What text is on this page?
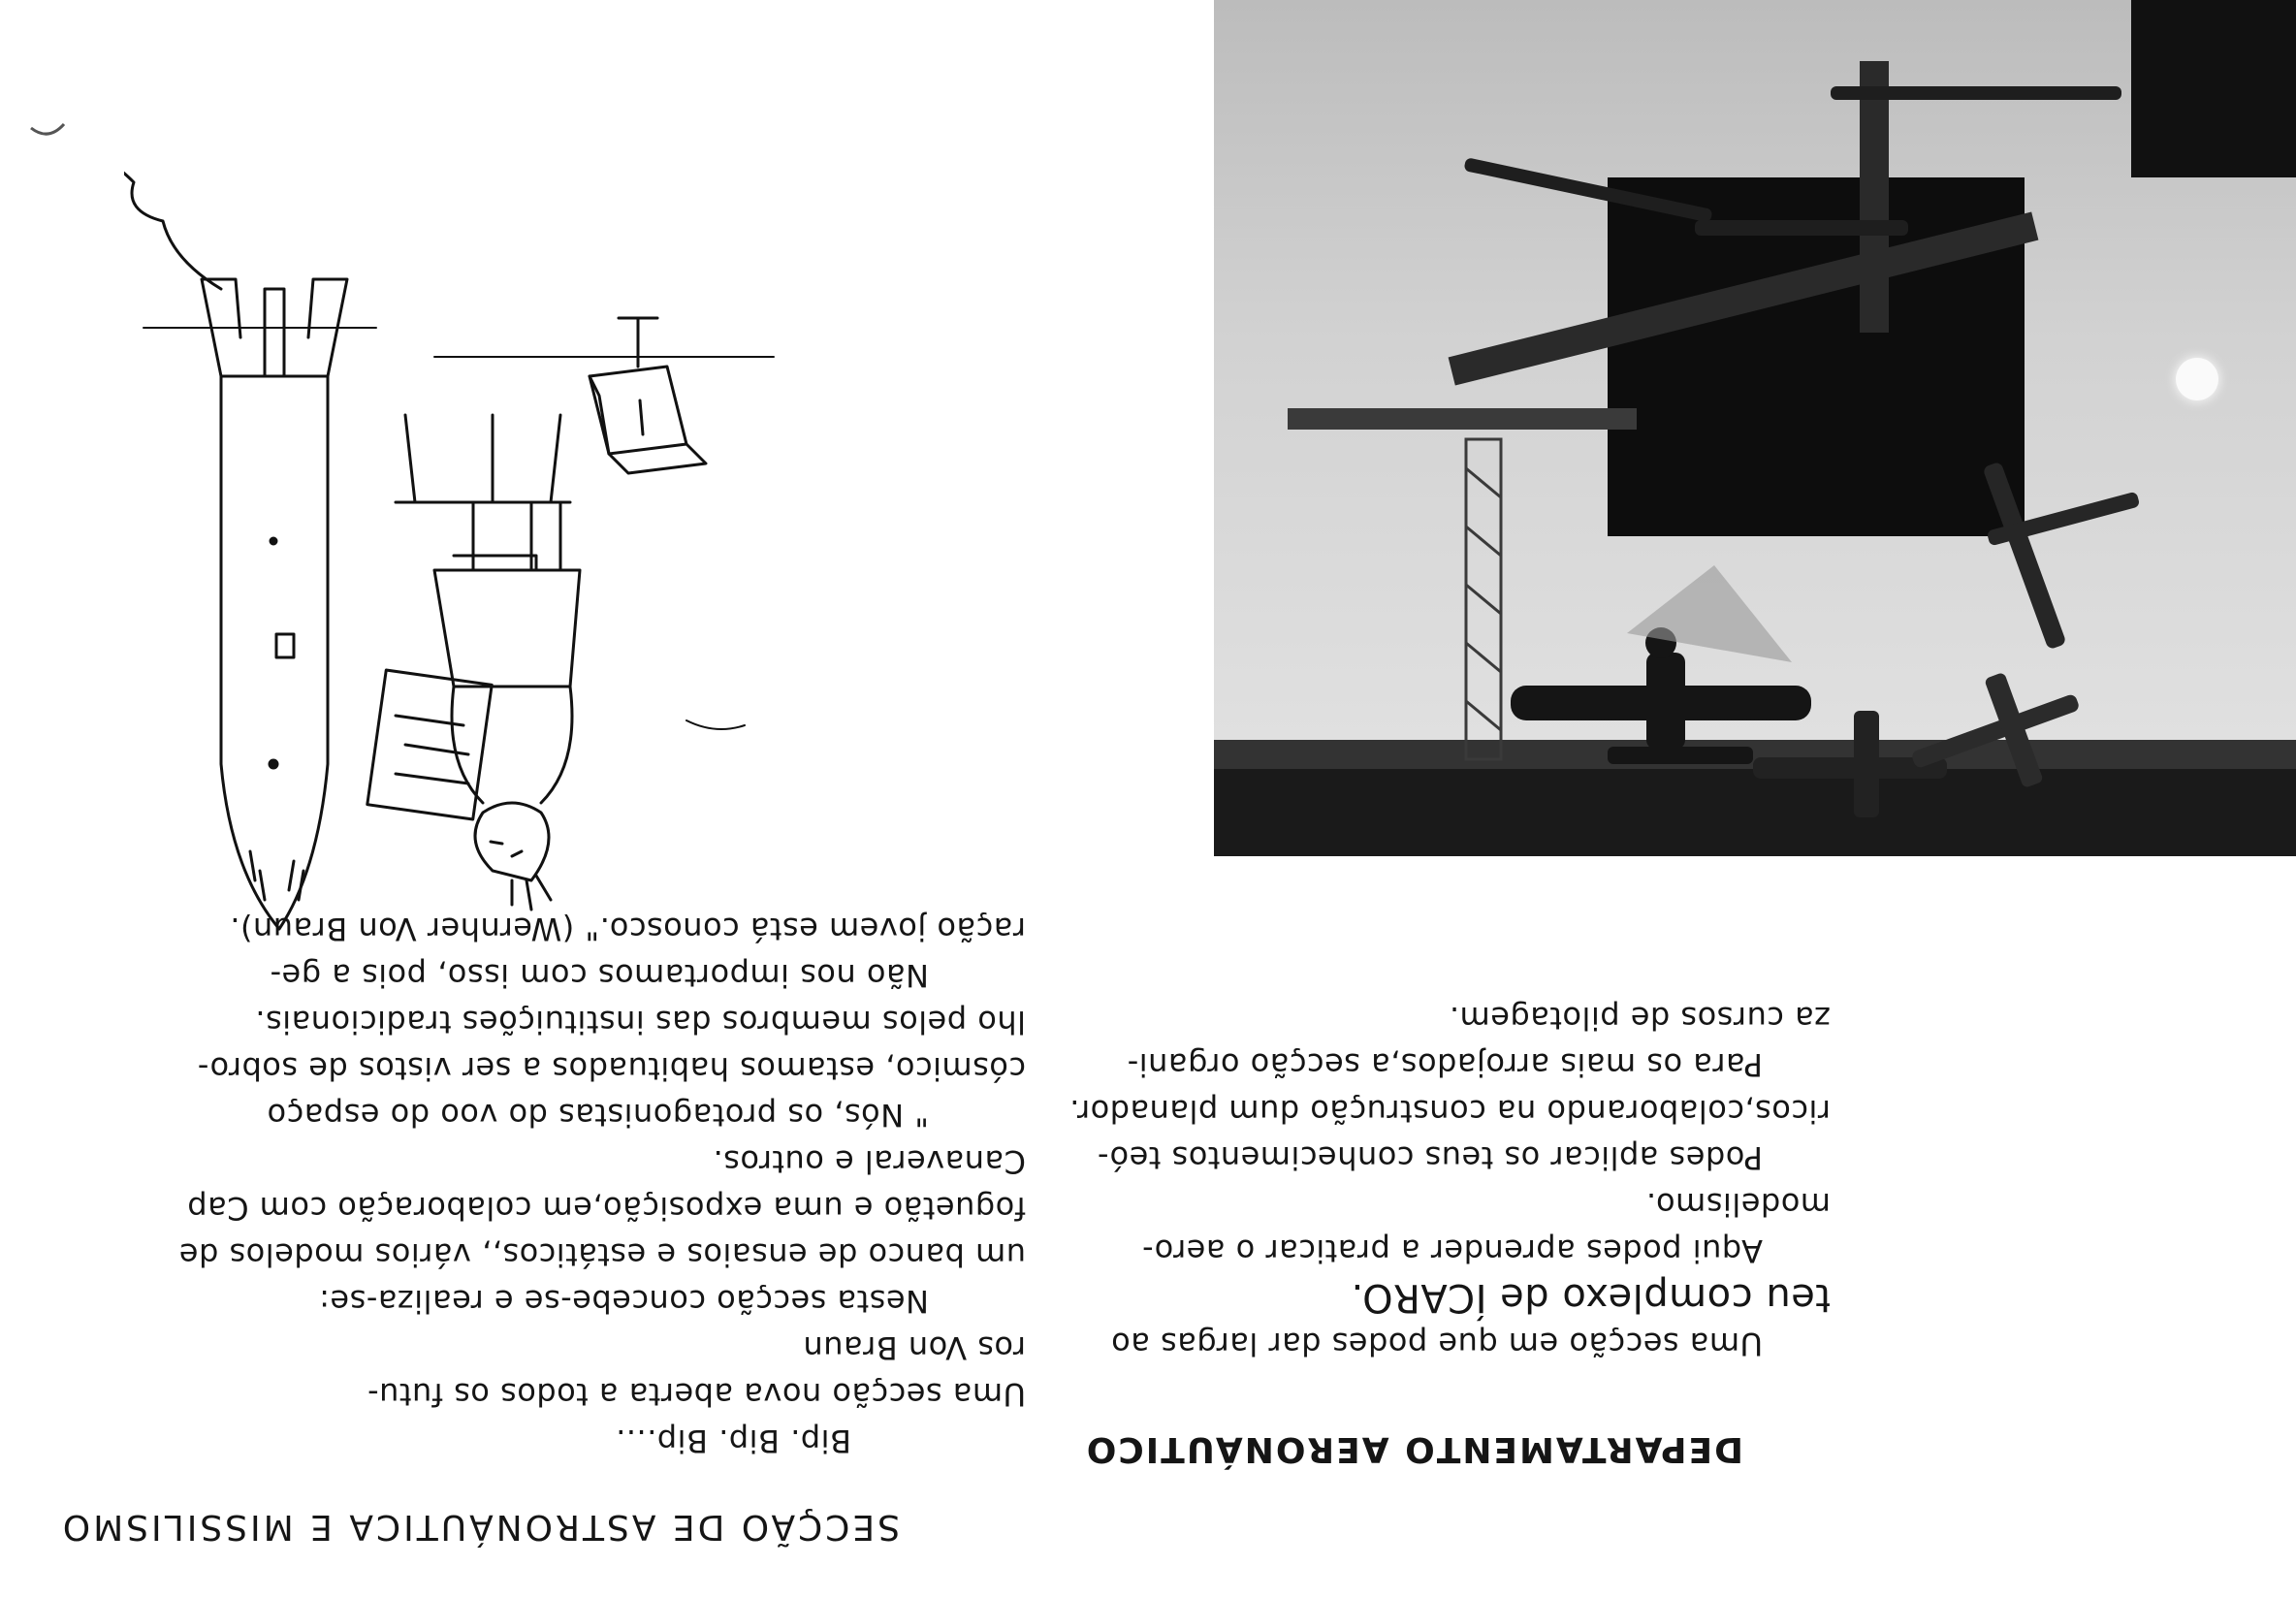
SECÇÃO DE ASTRONÁUTICA E MISSILISMO
Bip. Bip. Bip....
Uma secção nova aberta a todos os futu-
ros Von Braun
Nesta secção concebe-se e realiza-se:
um banco de ensaios e estáticos,, vários modelos de
foguetão e uma exposição,em colaboração com Cap
Canaveral e outros.
" Nós, os protagonistas do voo do espaço
cósmico, estamos habituados a ser vistos de sobro-
lho pelos membros das instituições tradicionais.
Não nos importamos com isso, pois a ge-
ração jovem está conosco." (Wernher Von Braun).
DEPARTAMENTO AERONÁUTICO
Uma secção em que podes dar largas ao
teu complexo de ÍCARO.
Aqui podes aprender a praticar o aero-
modelismo.
Podes aplicar os teus conhecimentos teó-
ricos,colaborando na construção dum planador.
Para os mais arrojados,a secção organi-
za cursos de pilotagem.
